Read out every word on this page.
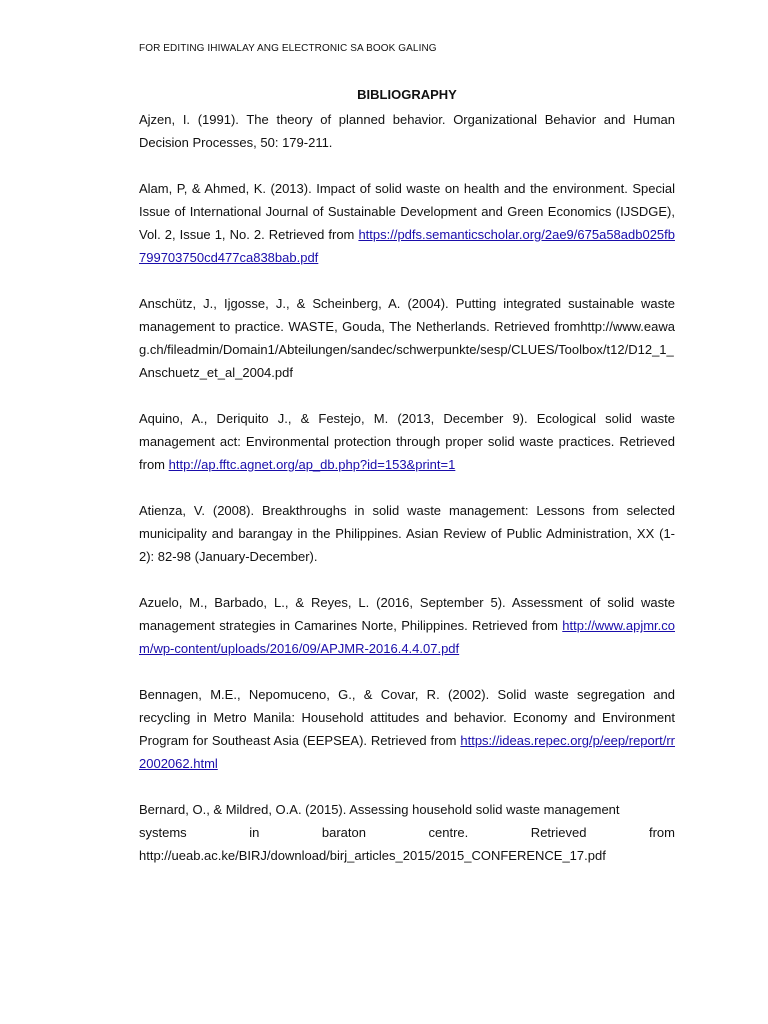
FOR EDITING IHIWALAY ANG ELECTRONIC SA BOOK GALING
BIBLIOGRAPHY

Ajzen, I. (1991). The theory of planned behavior. Organizational Behavior and Human Decision Processes, 50: 179-211.

Alam, P, & Ahmed, K. (2013). Impact of solid waste on health and the environment. Special Issue of International Journal of Sustainable Development and Green Economics (IJSDGE), Vol. 2, Issue 1, No. 2. Retrieved from https://pdfs.semanticscholar.org/2ae9/675a58adb025fb799703750cd477ca838bab.pdf

Anschütz, J., Ijgosse, J., & Scheinberg, A. (2004). Putting integrated sustainable waste management to practice. WASTE, Gouda, The Netherlands. Retrieved fromhttp://www.eawag.ch/fileadmin/Domain1/Abteilungen/sandec/schwerpunkte/sesp/CLUES/Toolbox/t12/D12_1_Anschuetz_et_al_2004.pdf

Aquino, A., Deriquito J., & Festejo, M. (2013, December 9). Ecological solid waste management act: Environmental protection through proper solid waste practices. Retrieved from http://ap.fftc.agnet.org/ap_db.php?id=153&print=1

Atienza, V. (2008). Breakthroughs in solid waste management: Lessons from selected municipality and barangay in the Philippines. Asian Review of Public Administration, XX (1-2): 82-98 (January-December).

Azuelo, M., Barbado, L., & Reyes, L. (2016, September 5). Assessment of solid waste management strategies in Camarines Norte, Philippines. Retrieved from http://www.apjmr.com/wp-content/uploads/2016/09/APJMR-2016.4.4.07.pdf

Bennagen, M.E., Nepomuceno, G., & Covar, R. (2002). Solid waste segregation and recycling in Metro Manila: Household attitudes and behavior. Economy and Environment Program for Southeast Asia (EEPSEA). Retrieved from https://ideas.repec.org/p/eep/report/rr2002062.html

Bernard, O., & Mildred, O.A. (2015). Assessing household solid waste management
systems in baraton centre. Retrieved from
http://ueab.ac.ke/BIRJ/download/birj_articles_2015/2015_CONFERENCE_17.pdf
